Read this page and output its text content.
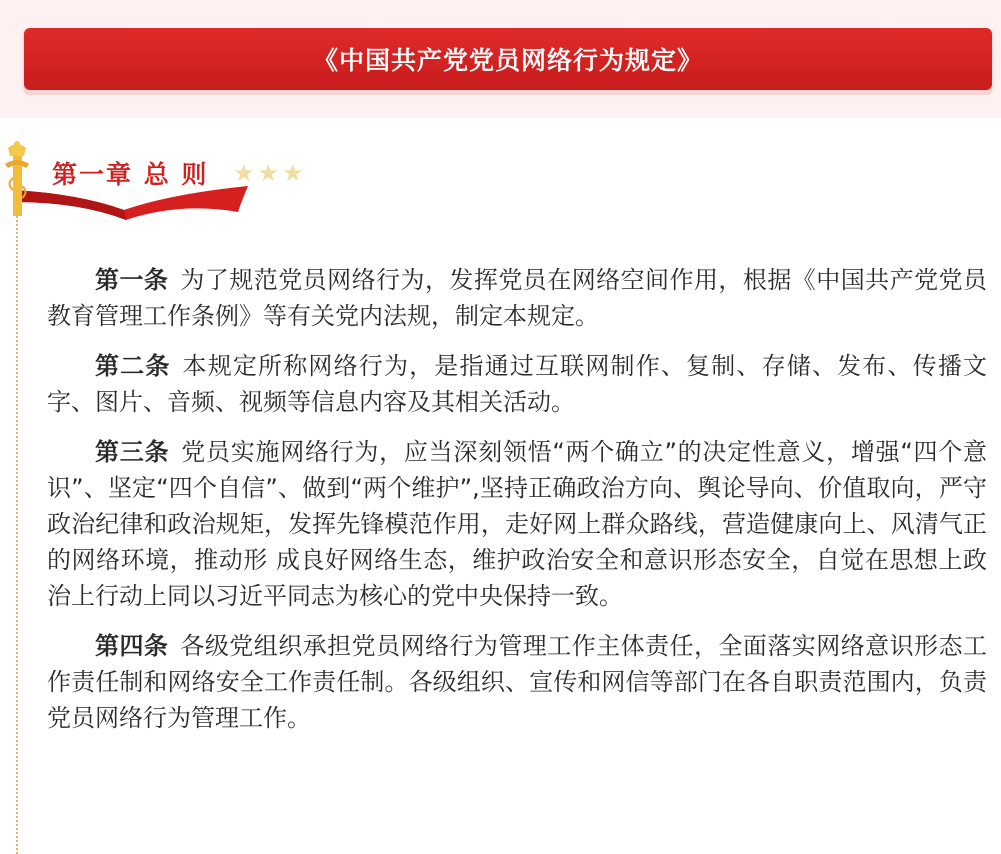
《中国共产党党员网络行为规定》
第一章 总 则 ★★★

第一条 为了规范党员网络行为，发挥党员在网络空间作用，根据《中国共产党党员教育管理工作条例》等有关党内法规，制定本规定。

第二条 本规定所称网络行为，是指通过互联网制作、复制、存储、发布、传播文字、图片、音频、视频等信息内容及其相关活动。

第三条 党员实施网络行为，应当深刻领悟“两个确立”的决定性意义，增强“四个意识”、坚定“四个自信”、做到“两个维护”,坚持正确政治方向、舆论导向、价值取向，严守政治纪律和政治规矩，发挥先锋模范作用，走好网上群众路线，营造健康向上、风清气正的网络环境，推动形 成良好网络生态，维护政治安全和意识形态安全，自觉在思想上政治上行动上同以习近平同志为核心的党中央保持一致。

第四条 各级党组织承担党员网络行为管理工作主体责任，全面落实网络意识形态工作责任制和网络安全工作责任制。各级组织、宣传和网信等部门在各自职责范围内，负责党员网络行为管理工作。
